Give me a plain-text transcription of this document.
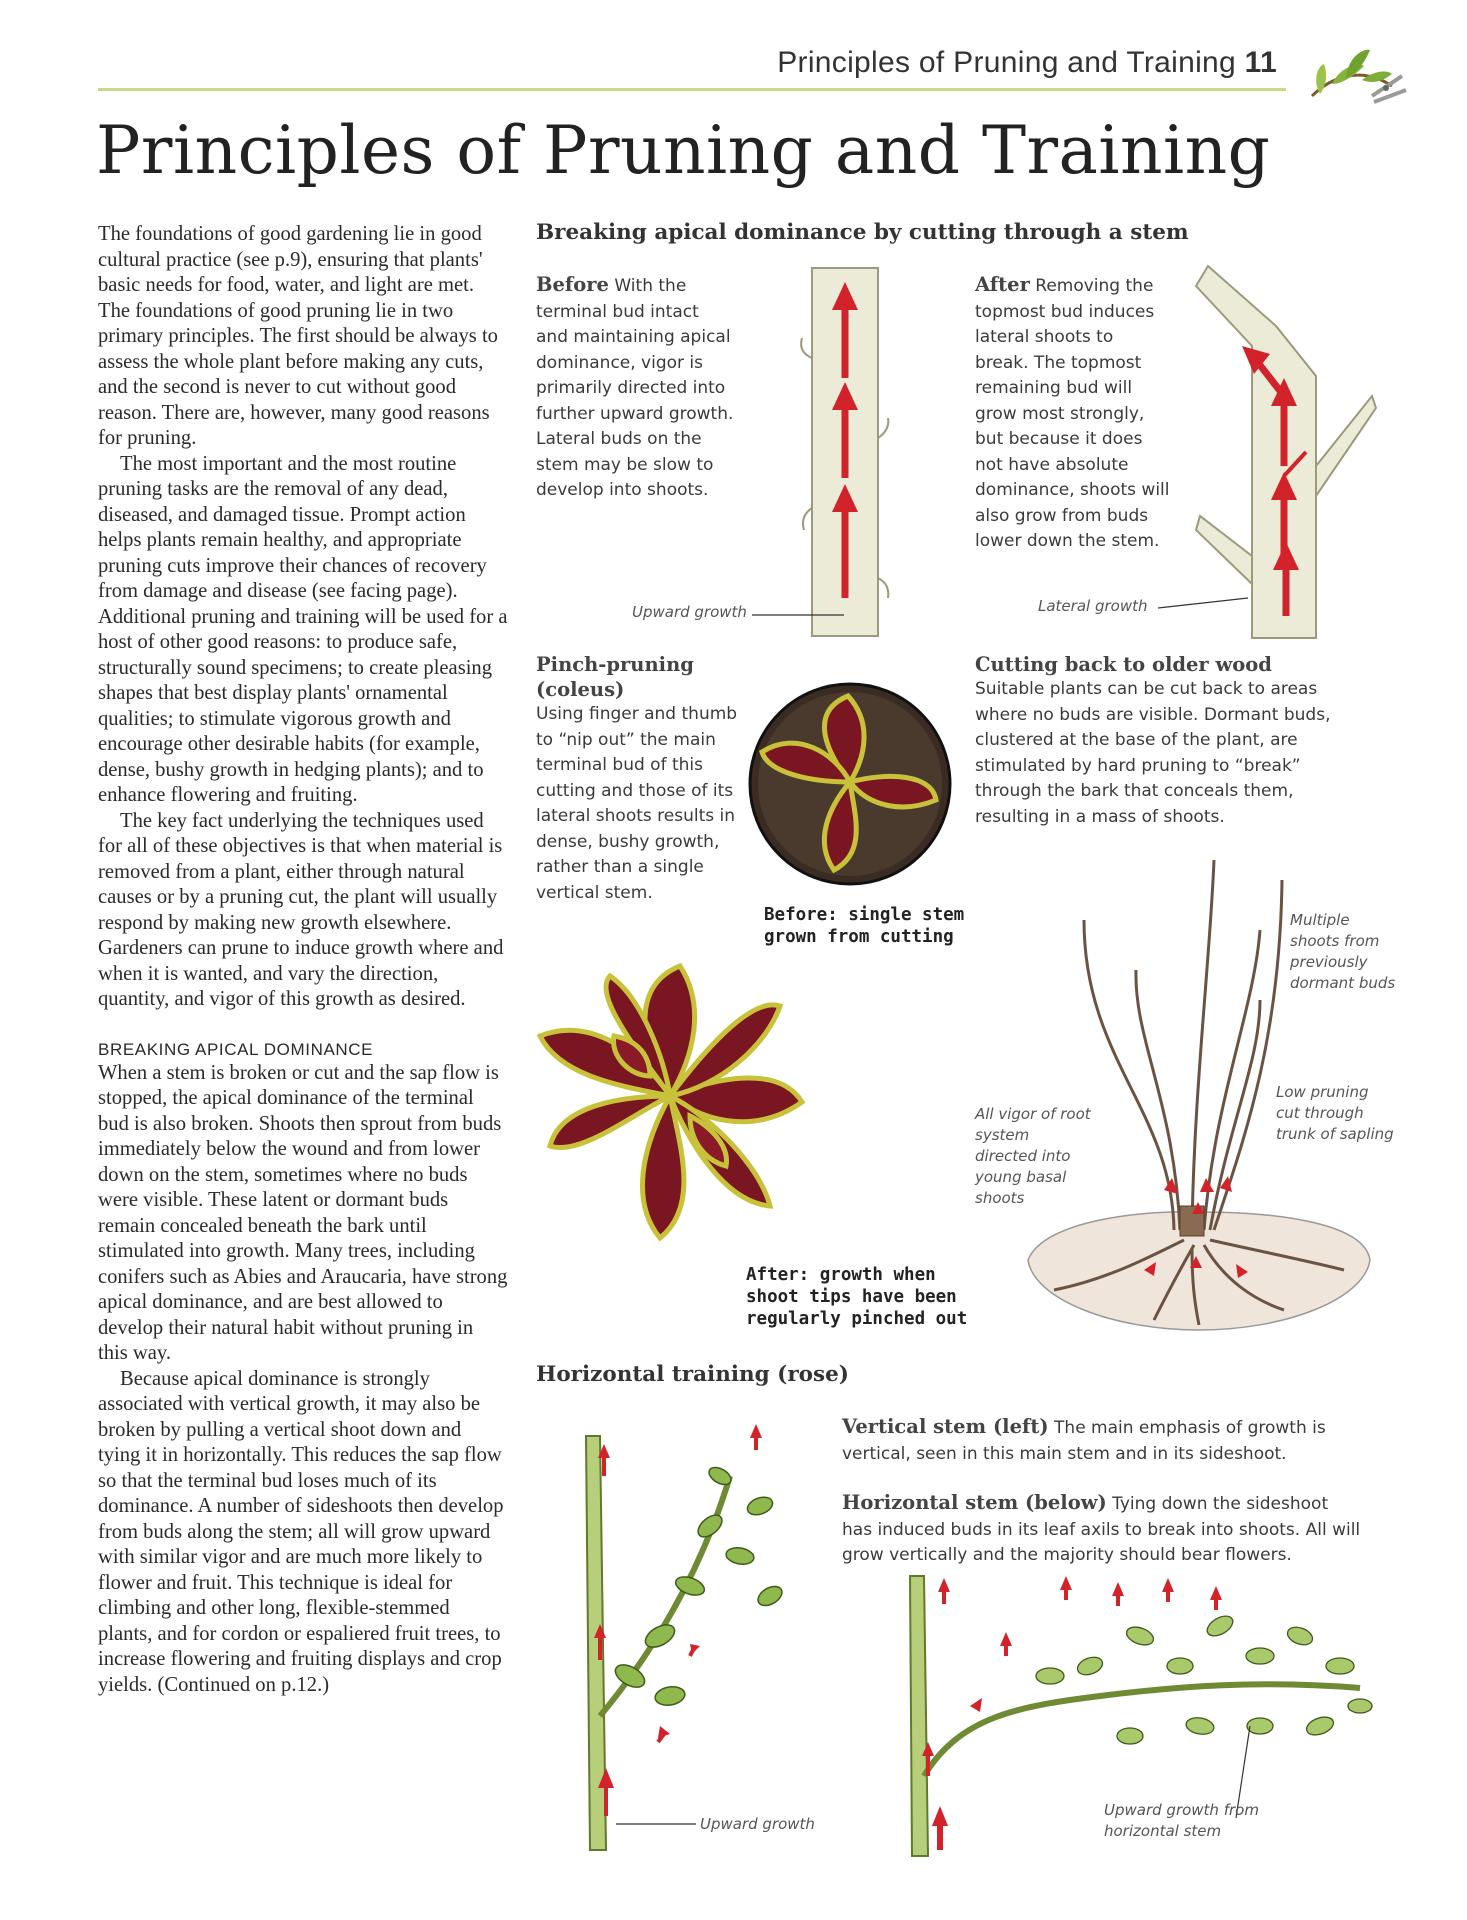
Principles of Pruning and Training 11
Principles of Pruning and Training

The foundations of good gardening lie in good cultural practice (see p.9), ensuring that plants' basic needs for food, water, and light are met. The foundations of good pruning lie in two primary principles. The first should be always to assess the whole plant before making any cuts, and the second is never to cut without good reason. There are, however, many good reasons for pruning.

The most important and the most routine pruning tasks are the removal of any dead, diseased, and damaged tissue. Prompt action helps plants remain healthy, and appropriate pruning cuts improve their chances of recovery from damage and disease (see facing page). Additional pruning and training will be used for a host of other good reasons: to produce safe, structurally sound specimens; to create pleasing shapes that best display plants' ornamental qualities; to stimulate vigorous growth and encourage other desirable habits (for example, dense, bushy growth in hedging plants); and to enhance flowering and fruiting.

The key fact underlying the techniques used for all of these objectives is that when material is removed from a plant, either through natural causes or by a pruning cut, the plant will usually respond by making new growth elsewhere. Gardeners can prune to induce growth where and when it is wanted, and vary the direction, quantity, and vigor of this growth as desired.

BREAKING APICAL DOMINANCE

When a stem is broken or cut and the sap flow is stopped, the apical dominance of the terminal bud is also broken. Shoots then sprout from buds immediately below the wound and from lower down on the stem, sometimes where no buds were visible. These latent or dormant buds remain concealed beneath the bark until stimulated into growth. Many trees, including conifers such as Abies and Araucaria, have strong apical dominance, and are best allowed to develop their natural habit without pruning in this way.

Because apical dominance is strongly associated with vertical growth, it may also be broken by pulling a vertical shoot down and tying it in horizontally. This reduces the sap flow so that the terminal bud loses much of its dominance. A number of sideshoots then develop from buds along the stem; all will grow upward with similar vigor and are much more likely to flower and fruit. This technique is ideal for climbing and other long, flexible-stemmed plants, and for cordon or espaliered fruit trees, to increase flowering and fruiting displays and crop yields. (Continued on p.12.)

Breaking apical dominance by cutting through a stem
Before With the terminal bud intact and maintaining apical dominance, vigor is primarily directed into further upward growth. Lateral buds on the stem may be slow to develop into shoots.
Upward growth
After Removing the topmost bud induces lateral shoots to break. The topmost remaining bud will grow most strongly, but because it does not have absolute dominance, shoots will also grow from buds lower down the stem.
Lateral growth
Pinch-pruning (coleus)
Using finger and thumb to “nip out” the main terminal bud of this cutting and those of its lateral shoots results in dense, bushy growth, rather than a single vertical stem.
Before: single stem grown from cutting
After: growth when shoot tips have been regularly pinched out
Cutting back to older wood
Suitable plants can be cut back to areas where no buds are visible. Dormant buds, clustered at the base of the plant, are stimulated by hard pruning to “break” through the bark that conceals them, resulting in a mass of shoots.
Multiple shoots from previously dormant buds
Low pruning cut through trunk of sapling
All vigor of root system directed into young basal shoots
Horizontal training (rose)
Vertical stem (left) The main emphasis of growth is vertical, seen in this main stem and in its sideshoot.
Horizontal stem (below) Tying down the sideshoot has induced buds in its leaf axils to break into shoots. All will grow vertically and the majority should bear flowers.
Upward growth
Upward growth from horizontal stem
